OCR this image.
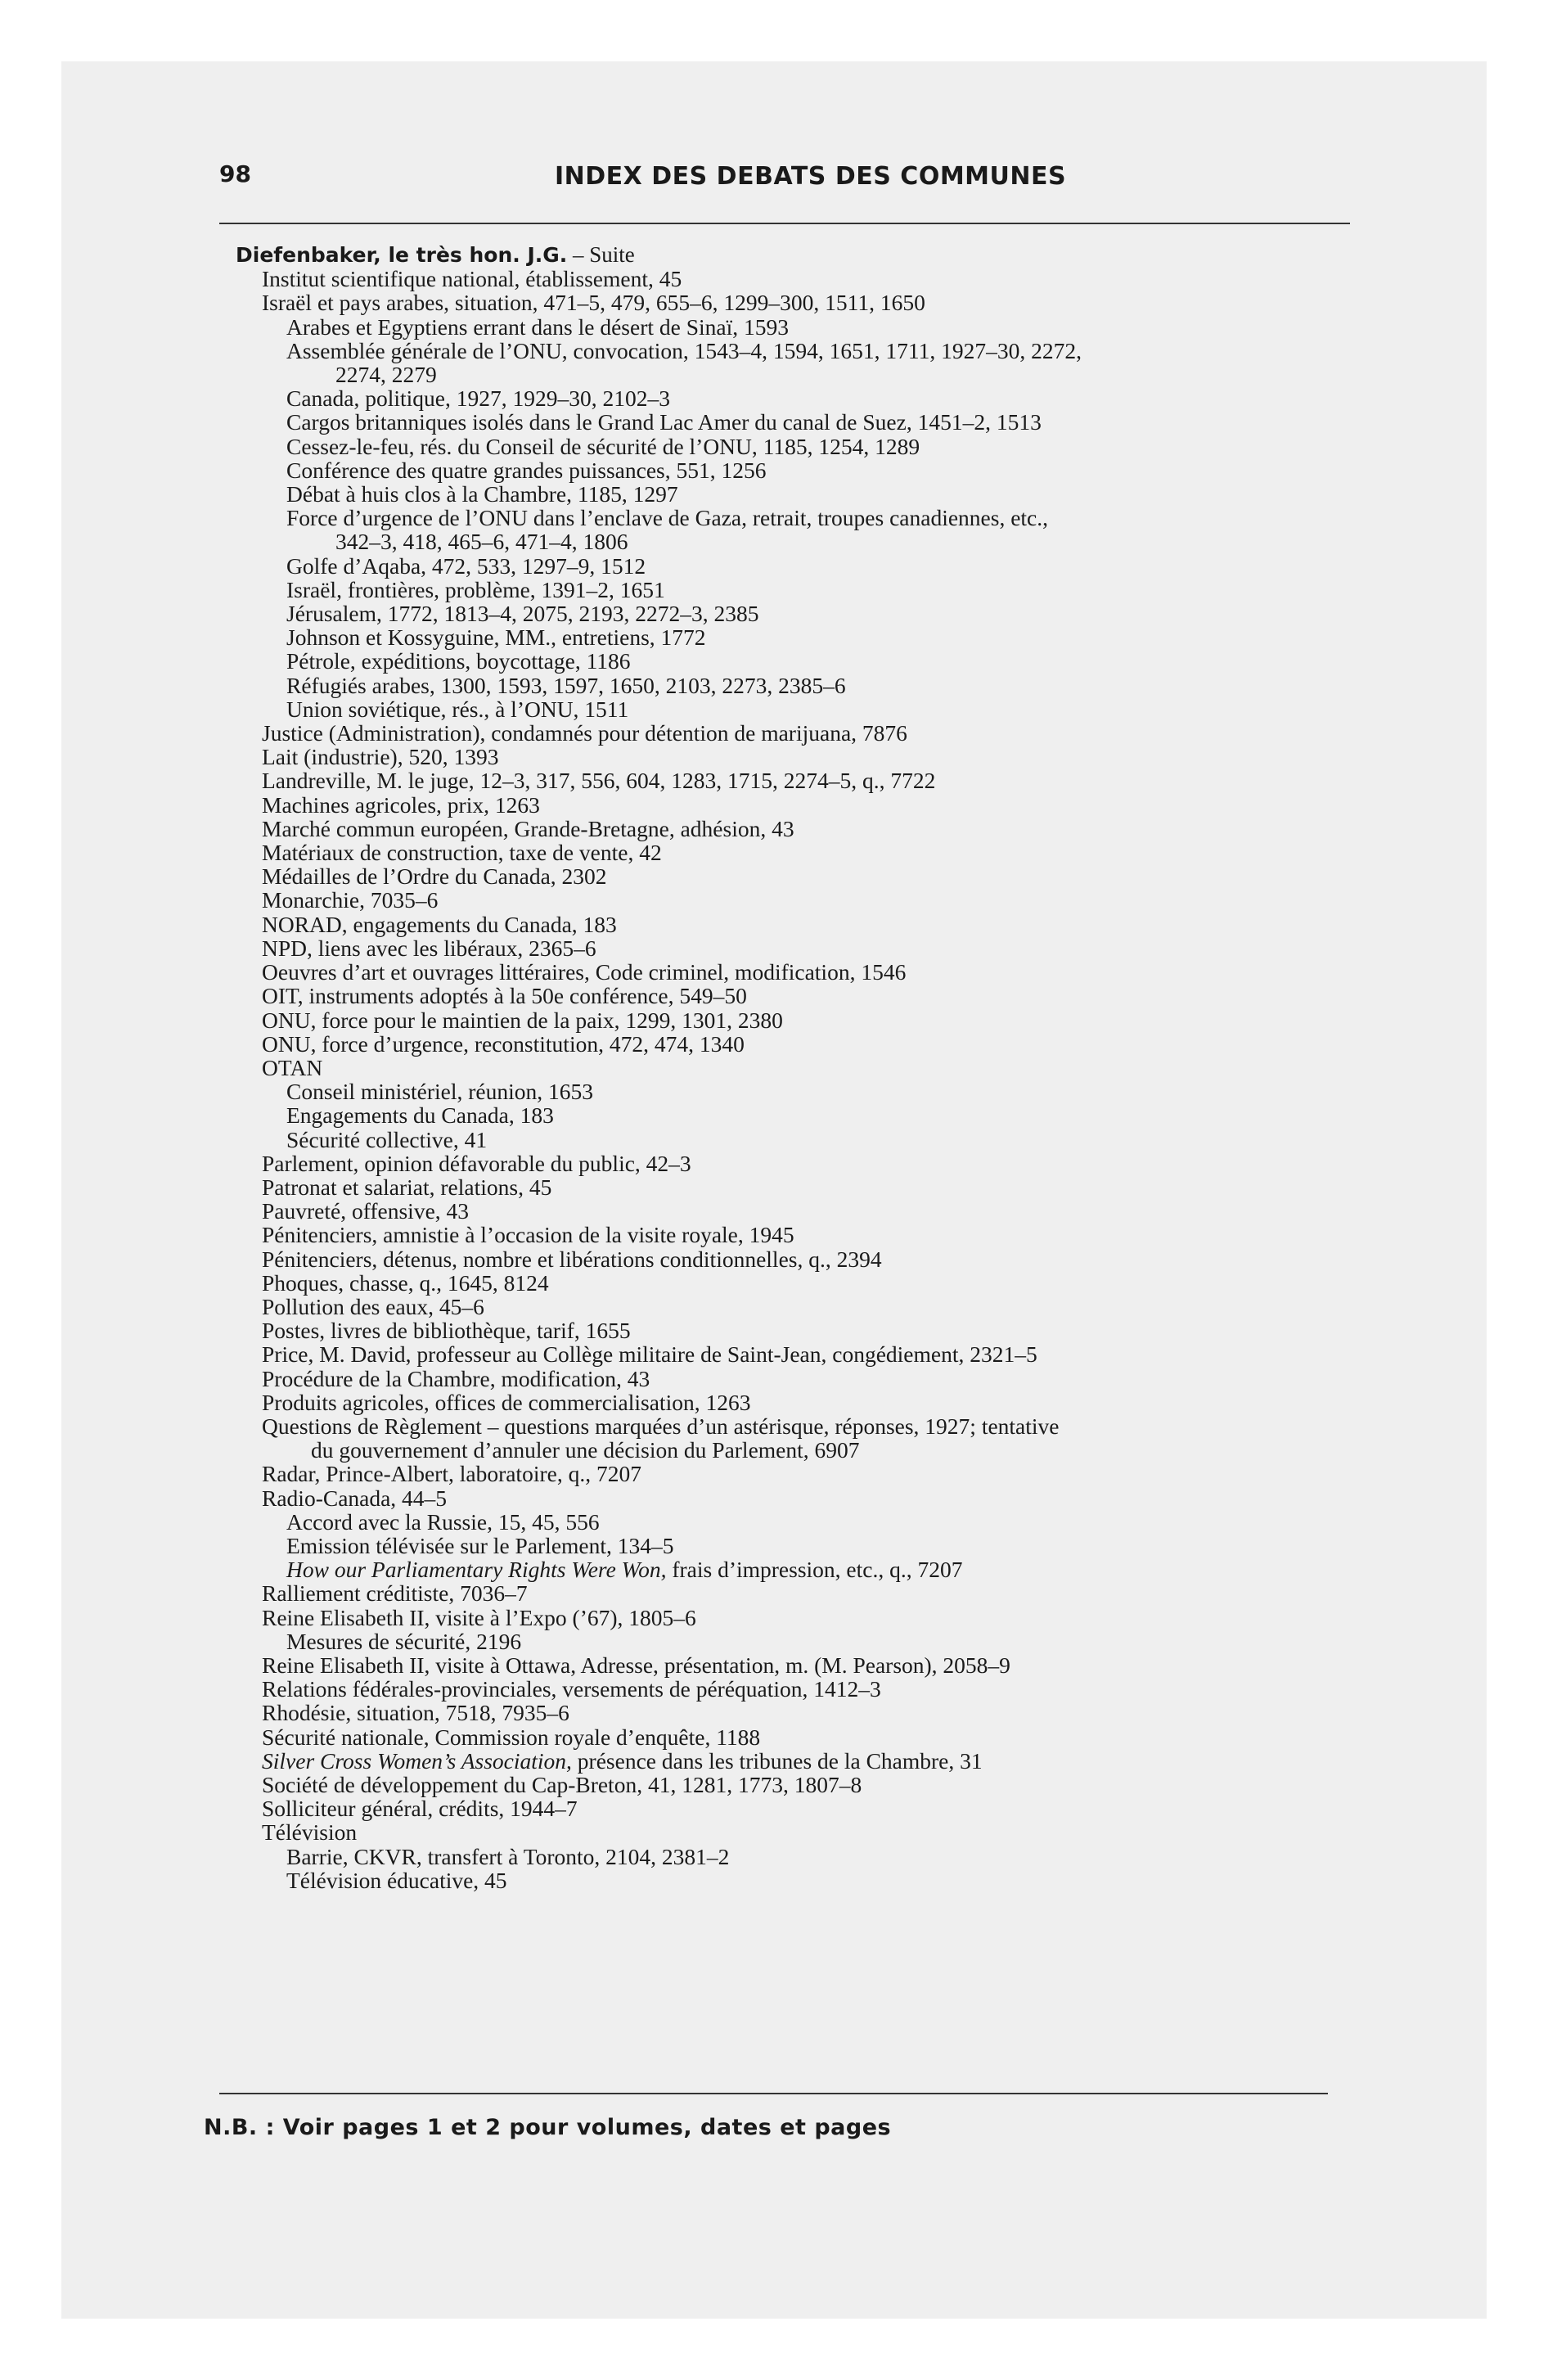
98	INDEX DES DEBATS DES COMMUNES
Diefenbaker, le très hon. J.G. – Suite
Institut scientifique national, établissement, 45
Israël et pays arabes, situation, 471–5, 479, 655–6, 1299–300, 1511, 1650
Arabes et Egyptiens errant dans le désert de Sinaï, 1593
Assemblée générale de l’ONU, convocation, 1543–4, 1594, 1651, 1711, 1927–30, 2272,
2274, 2279
Canada, politique, 1927, 1929–30, 2102–3
Cargos britanniques isolés dans le Grand Lac Amer du canal de Suez, 1451–2, 1513
Cessez-le-feu, rés. du Conseil de sécurité de l’ONU, 1185, 1254, 1289
Conférence des quatre grandes puissances, 551, 1256
Débat à huis clos à la Chambre, 1185, 1297
Force d’urgence de l’ONU dans l’enclave de Gaza, retrait, troupes canadiennes, etc.,
342–3, 418, 465–6, 471–4, 1806
Golfe d’Aqaba, 472, 533, 1297–9, 1512
Israël, frontières, problème, 1391–2, 1651
Jérusalem, 1772, 1813–4, 2075, 2193, 2272–3, 2385
Johnson et Kossyguine, MM., entretiens, 1772
Pétrole, expéditions, boycottage, 1186
Réfugiés arabes, 1300, 1593, 1597, 1650, 2103, 2273, 2385–6
Union soviétique, rés., à l’ONU, 1511
Justice (Administration), condamnés pour détention de marijuana, 7876
Lait (industrie), 520, 1393
Landreville, M. le juge, 12–3, 317, 556, 604, 1283, 1715, 2274–5, q., 7722
Machines agricoles, prix, 1263
Marché commun européen, Grande-Bretagne, adhésion, 43
Matériaux de construction, taxe de vente, 42
Médailles de l’Ordre du Canada, 2302
Monarchie, 7035–6
NORAD, engagements du Canada, 183
NPD, liens avec les libéraux, 2365–6
Oeuvres d’art et ouvrages littéraires, Code criminel, modification, 1546
OIT, instruments adoptés à la 50e conférence, 549–50
ONU, force pour le maintien de la paix, 1299, 1301, 2380
ONU, force d’urgence, reconstitution, 472, 474, 1340
OTAN
Conseil ministériel, réunion, 1653
Engagements du Canada, 183
Sécurité collective, 41
Parlement, opinion défavorable du public, 42–3
Patronat et salariat, relations, 45
Pauvreté, offensive, 43
Pénitenciers, amnistie à l’occasion de la visite royale, 1945
Pénitenciers, détenus, nombre et libérations conditionnelles, q., 2394
Phoques, chasse, q., 1645, 8124
Pollution des eaux, 45–6
Postes, livres de bibliothèque, tarif, 1655
Price, M. David, professeur au Collège militaire de Saint-Jean, congédiement, 2321–5
Procédure de la Chambre, modification, 43
Produits agricoles, offices de commercialisation, 1263
Questions de Règlement – questions marquées d’un astérisque, réponses, 1927; tentative
du gouvernement d’annuler une décision du Parlement, 6907
Radar, Prince-Albert, laboratoire, q., 7207
Radio-Canada, 44–5
Accord avec la Russie, 15, 45, 556
Emission télévisée sur le Parlement, 134–5
How our Parliamentary Rights Were Won, frais d’impression, etc., q., 7207
Ralliement créditiste, 7036–7
Reine Elisabeth II, visite à l’Expo (’67), 1805–6
Mesures de sécurité, 2196
Reine Elisabeth II, visite à Ottawa, Adresse, présentation, m. (M. Pearson), 2058–9
Relations fédérales-provinciales, versements de péréquation, 1412–3
Rhodésie, situation, 7518, 7935–6
Sécurité nationale, Commission royale d’enquête, 1188
Silver Cross Women’s Association, présence dans les tribunes de la Chambre, 31
Société de développement du Cap-Breton, 41, 1281, 1773, 1807–8
Solliciteur général, crédits, 1944–7
Télévision
Barrie, CKVR, transfert à Toronto, 2104, 2381–2
Télévision éducative, 45
N.B. : Voir pages 1 et 2 pour volumes, dates et pages
